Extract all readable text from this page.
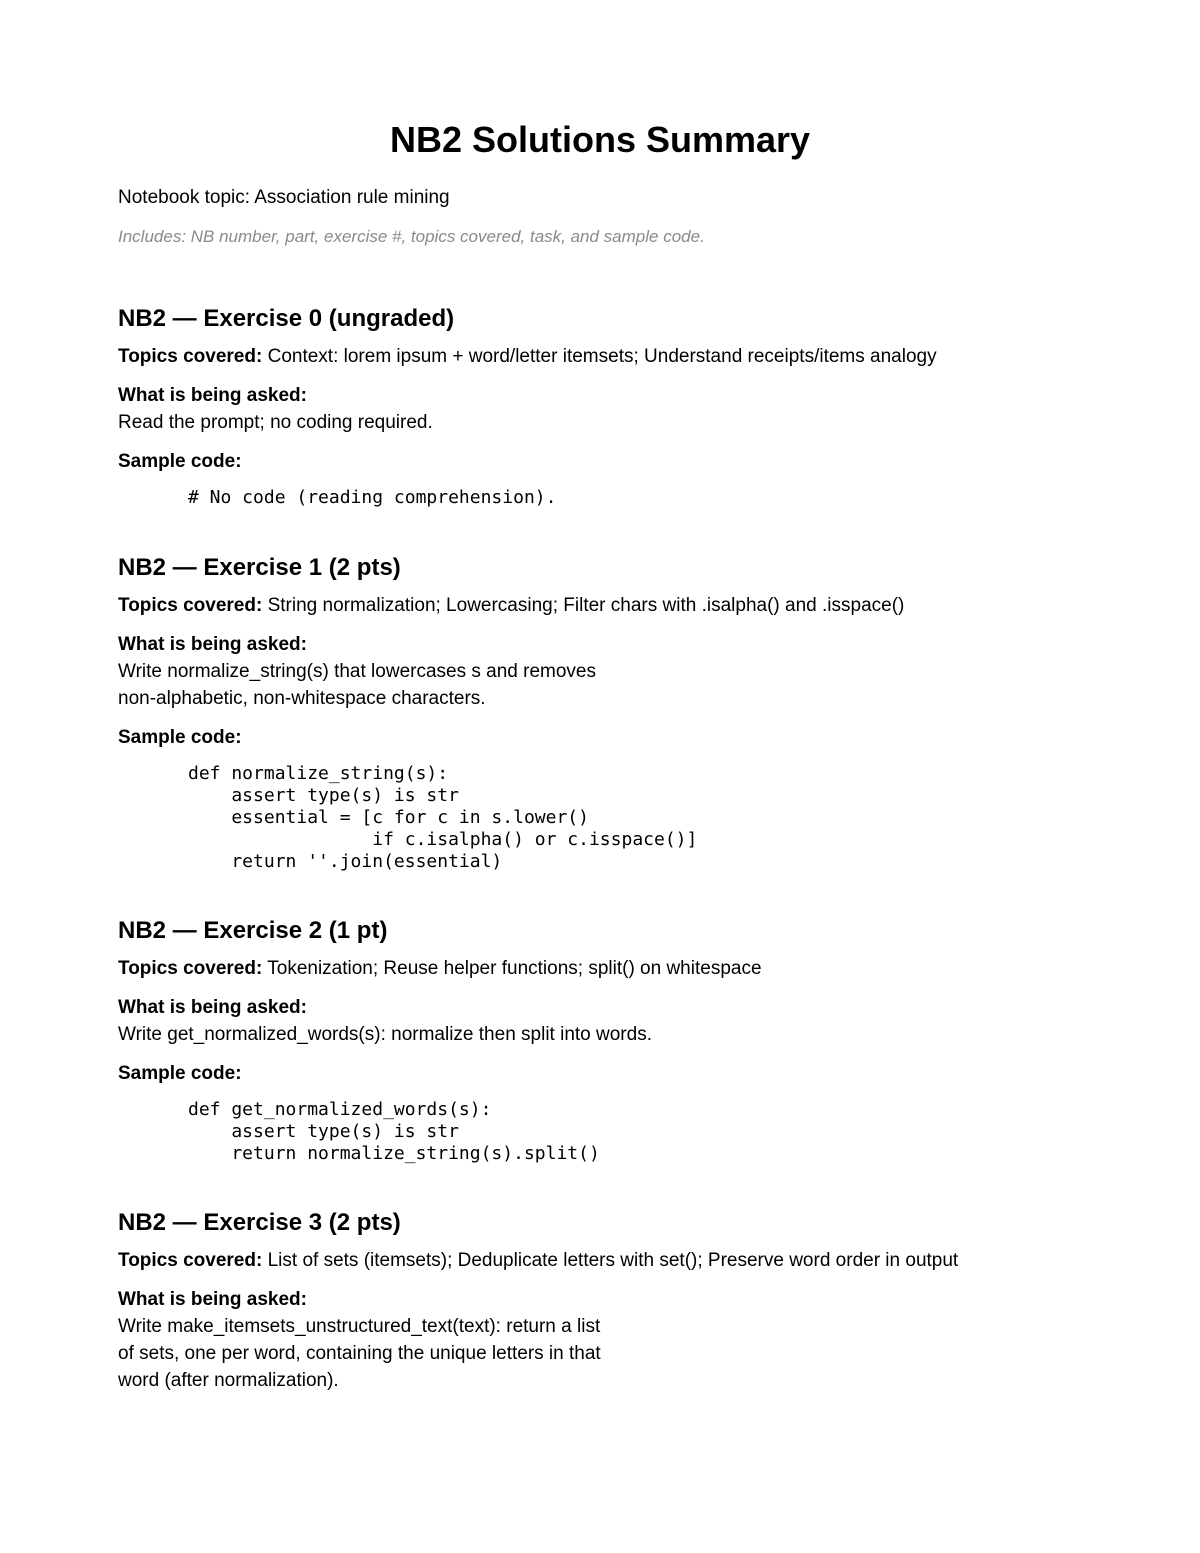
NB2 Solutions Summary

Notebook topic: Association rule mining

Includes: NB number, part, exercise #, topics covered, task, and sample code.

NB2 — Exercise 0 (ungraded)

Topics covered: Context: lorem ipsum + word/letter itemsets; Understand receipts/items analogy

What is being asked:

Read the prompt; no coding required.

Sample code:

# No code (reading comprehension).
NB2 — Exercise 1 (2 pts)

Topics covered: String normalization; Lowercasing; Filter chars with .isalpha() and .isspace()

What is being asked:

Write normalize_string(s) that lowercases s and removes
non-alphabetic, non-whitespace characters.

Sample code:

def normalize_string(s):
assert type(s) is str
essential = [c for c in s.lower()
if c.isalpha() or c.isspace()]
return ''.join(essential)
NB2 — Exercise 2 (1 pt)

Topics covered: Tokenization; Reuse helper functions; split() on whitespace

What is being asked:

Write get_normalized_words(s): normalize then split into words.

Sample code:

def get_normalized_words(s):
assert type(s) is str
return normalize_string(s).split()
NB2 — Exercise 3 (2 pts)

Topics covered: List of sets (itemsets); Deduplicate letters with set(); Preserve word order in output

What is being asked:

Write make_itemsets_unstructured_text(text): return a list
of sets, one per word, containing the unique letters in that
word (after normalization).
